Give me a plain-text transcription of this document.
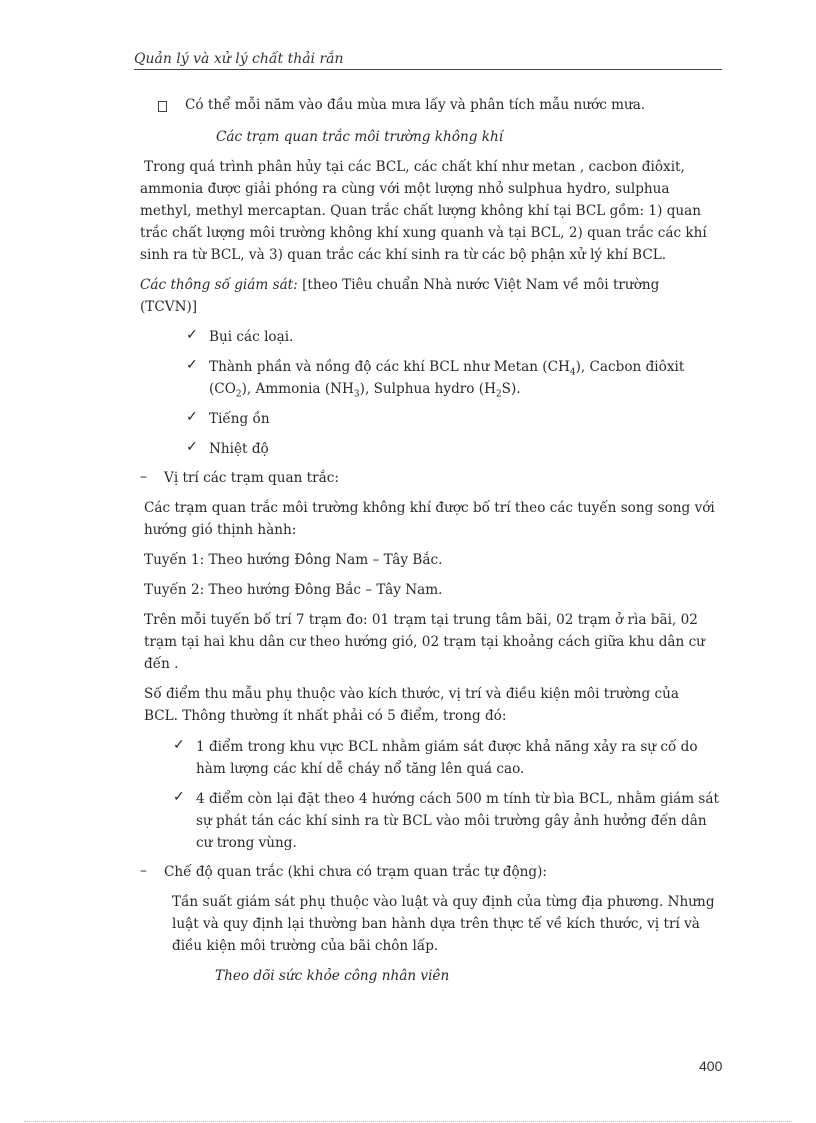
Quản lý và xử lý chất thải rắn
Có thể mỗi năm vào đầu mùa mưa lấy và phân tích mẫu nước mưa.
Các trạm quan trắc môi trường không khí
Trong quá trình phân hủy tại các BCL, các chất khí như metan , cacbon điôxit,
ammonia được giải phóng ra cùng với một lượng nhỏ sulphua hydro, sulphua
methyl, methyl mercaptan. Quan trắc chất lượng không khí tại BCL gồm: 1) quan
trắc chất lượng môi trường không khí xung quanh và tại BCL, 2) quan trắc các khí
sinh ra từ BCL, và 3) quan trắc các khí sinh ra từ các bộ phận xử lý khí BCL.
Các thông số giám sát: [theo Tiêu chuẩn Nhà nước Việt Nam về môi trường
(TCVN)]
✓ Bụi các loại.
✓ Thành phần và nồng độ các khí BCL như Metan $(CH_4)$, Cacbon điôxit
$(CO_2)$, Ammonia $(NH_3)$, Sulphua hydro $(H_2S)$.
✓ Tiếng ồn
✓ Nhiệt độ
– Vị trí các trạm quan trắc:
Các trạm quan trắc môi trường không khí được bố trí theo các tuyến song song với
hướng gió thịnh hành:
Tuyến 1: Theo hướng Đông Nam – Tây Bắc.
Tuyến 2: Theo hướng Đông Bắc – Tây Nam.
Trên mỗi tuyến bố trí 7 trạm đo: 01 trạm tại trung tâm bãi, 02 trạm ở rìa bãi, 02
trạm tại hai khu dân cư theo hướng gió, 02 trạm tại khoảng cách giữa khu dân cư
đến .
Số điểm thu mẫu phụ thuộc vào kích thước, vị trí và điều kiện môi trường của
BCL. Thông thường ít nhất phải có 5 điểm, trong đó:
✓ 1 điểm trong khu vực BCL nhằm giám sát được khả năng xảy ra sự cố do
hàm lượng các khí dễ cháy nổ tăng lên quá cao.
✓ 4 điểm còn lại đặt theo 4 hướng cách 500 m tính từ bìa BCL, nhằm giám sát
sự phát tán các khí sinh ra từ BCL vào môi trường gây ảnh hưởng đến dân
cư trong vùng.
– Chế độ quan trắc (khi chưa có trạm quan trắc tự động):
Tần suất giám sát phụ thuộc vào luật và quy định của từng địa phương. Nhưng
luật và quy định lại thường ban hành dựa trên thực tế về kích thước, vị trí và
điều kiện môi trường của bãi chôn lấp.
Theo dõi sức khỏe công nhân viên
400
